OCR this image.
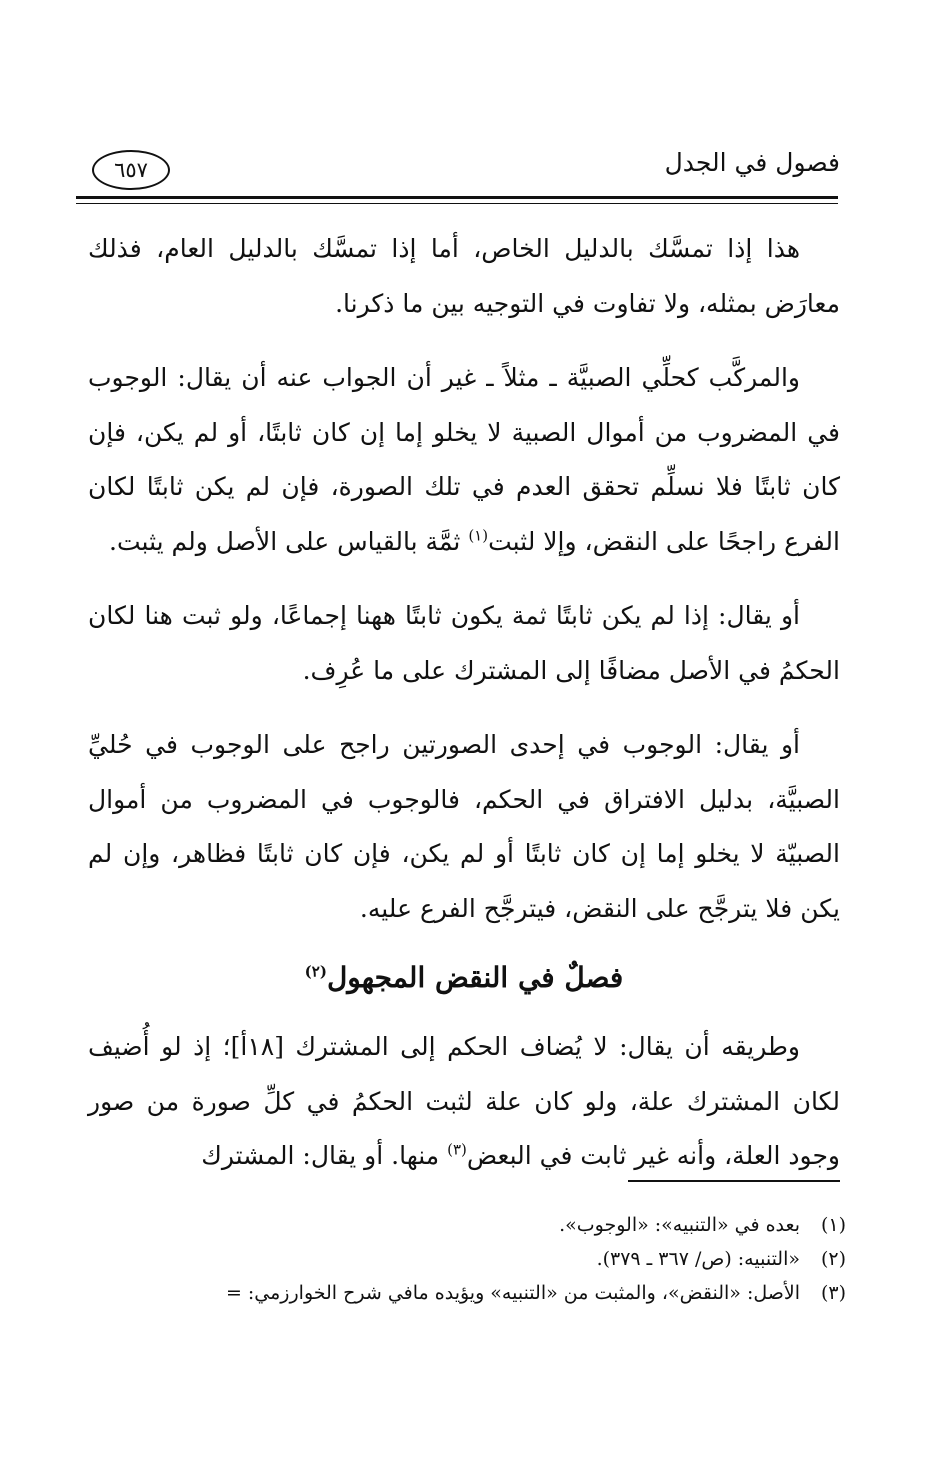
فصول في الجدل
٦٥٧

هذا إذا تمسَّك بالدليل الخاص، أما إذا تمسَّك بالدليل العام، فذلك معارَض بمثله، ولا تفاوت في التوجيه بين ما ذكرنا.

والمركَّب كحلِّي الصبيَّة ـ مثلاً ـ غير أن الجواب عنه أن يقال: الوجوب في المضروب من أموال الصبية لا يخلو إما إن كان ثابتًا، أو لم يكن، فإن كان ثابتًا فلا نسلِّم تحقق العدم في تلك الصورة، فإن لم يكن ثابتًا لكان الفرع راجحًا على النقض، وإلا لثبت$^{(١)}$ ثمَّة بالقياس على الأصل ولم يثبت.

أو يقال: إذا لم يكن ثابتًا ثمة يكون ثابتًا ههنا إجماعًا، ولو ثبت هنا لكان الحكمُ في الأصل مضافًا إلى المشترك على ما عُرِف.

أو يقال: الوجوب في إحدى الصورتين راجح على الوجوب في حُليِّ الصبيَّة، بدليل الافتراق في الحكم، فالوجوب في المضروب من أموال الصبيّة لا يخلو إما إن كان ثابتًا أو لم يكن، فإن كان ثابتًا فظاهر، وإن لم يكن فلا يترجَّح على النقض، فيترجَّح الفرع عليه.

فصلٌ في النقض المجهول$^{(٢)}$

وطريقه أن يقال: لا يُضاف الحكم إلى المشترك [١٨أ]؛ إذ لو أُضيف لكان المشترك علة، ولو كان علة لثبت الحكمُ في كلِّ صورة من صور وجود العلة، وأنه غير ثابت في البعض$^{(٣)}$ منها. أو يقال: المشترك

(١)بعده في «التنبيه»: «الوجوب».
(٢)«التنبيه: (ص/ ٣٦٧ ـ ٣٧٩).
(٣)الأصل: «النقض»، والمثبت من «التنبيه» ويؤيده مافي شرح الخوارزمي: =
